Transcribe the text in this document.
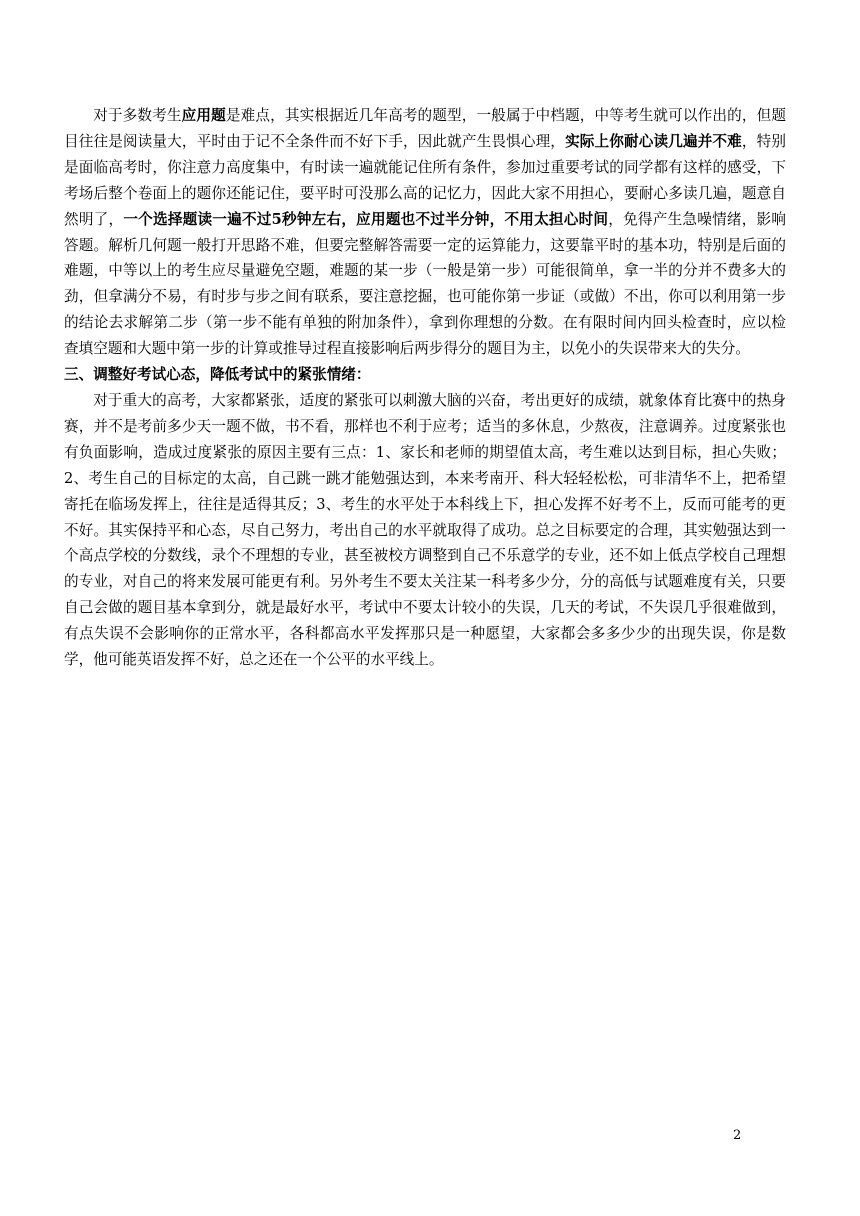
对于多数考生应用题是难点，其实根据近几年高考的题型，一般属于中档题，中等考生就可以作出的，但题目往往是阅读量大，平时由于记不全条件而不好下手，因此就产生畏惧心理，实际上你耐心读几遍并不难，特别是面临高考时，你注意力高度集中，有时读一遍就能记住所有条件，参加过重要考试的同学都有这样的感受，下考场后整个卷面上的题你还能记住，要平时可没那么高的记忆力，因此大家不用担心，要耐心多读几遍，题意自然明了，一个选择题读一遍不过5秒钟左右，应用题也不过半分钟，不用太担心时间，免得产生急噪情绪，影响答题。解析几何题一般打开思路不难，但要完整解答需要一定的运算能力，这要靠平时的基本功，特别是后面的难题，中等以上的考生应尽量避免空题，难题的某一步（一般是第一步）可能很简单，拿一半的分并不费多大的劲，但拿满分不易，有时步与步之间有联系，要注意挖掘，也可能你第一步证（或做）不出，你可以利用第一步的结论去求解第二步（第一步不能有单独的附加条件），拿到你理想的分数。在有限时间内回头检查时，应以检查填空题和大题中第一步的计算或推导过程直接影响后两步得分的题目为主，以免小的失误带来大的失分。

三、调整好考试心态，降低考试中的紧张情绪：

对于重大的高考，大家都紧张，适度的紧张可以刺激大脑的兴奋，考出更好的成绩，就象体育比赛中的热身赛，并不是考前多少天一题不做，书不看，那样也不利于应考；适当的多休息，少熬夜，注意调养。过度紧张也有负面影响，造成过度紧张的原因主要有三点：1、家长和老师的期望值太高，考生难以达到目标，担心失败；2、考生自己的目标定的太高，自己跳一跳才能勉强达到，本来考南开、科大轻轻松松，可非清华不上，把希望寄托在临场发挥上，往往是适得其反；3、考生的水平处于本科线上下，担心发挥不好考不上，反而可能考的更不好。其实保持平和心态，尽自己努力，考出自己的水平就取得了成功。总之目标要定的合理，其实勉强达到一个高点学校的分数线，录个不理想的专业，甚至被校方调整到自己不乐意学的专业，还不如上低点学校自己理想的专业，对自己的将来发展可能更有利。另外考生不要太关注某一科考多少分，分的高低与试题难度有关，只要自己会做的题目基本拿到分，就是最好水平，考试中不要太计较小的失误，几天的考试，不失误几乎很难做到，有点失误不会影响你的正常水平，各科都高水平发挥那只是一种愿望，大家都会多多少少的出现失误，你是数学，他可能英语发挥不好，总之还在一个公平的水平线上。

2
